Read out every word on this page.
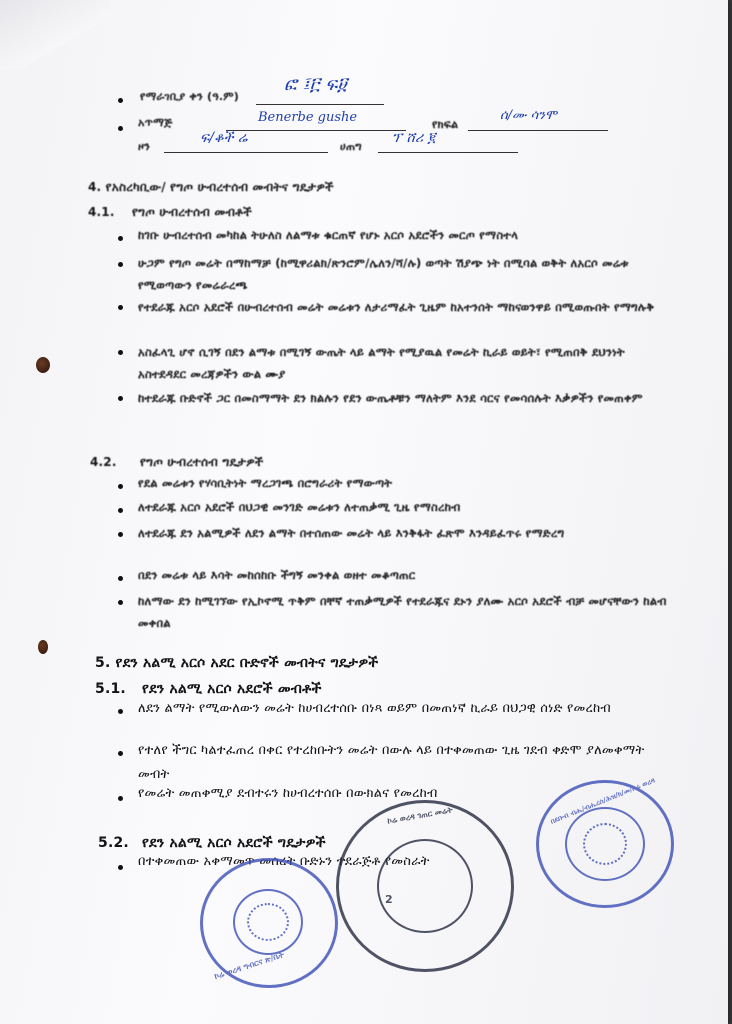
የማራገቢያ ቀን (ዓ.ም)
ፎ ፤፫ ፍ፱
አጥማጅ	Benerbe gushe	የክፍል
ሰ/ሙ ሳንሞ
ዞን
ፍ/ቆች ሬ
ሀጠግ
ፕ ሸሪ ፪
4. የአስረካቢው/ የግጦ ሁብረተሰብ መብትና ግዴታዎች
4.1. የግጦ ሁብረተሰብ መብቶች
ከገቡ ሁብረተሰብ መካከል ትሁለስ ለልማቱ ቁርጠኛ የሆኑ አርሶ አደሮችን መርጦ የማስተላ
ሁጋም የግጦ መሬት በማከማቻ (ከሚዋሪልክ/ጽንሮም/ሌለን/ሻ/ሉ) ወጣት ሽያጭ ነት በሚባል ወቅት ለአርሶ መሬቱ የሚወጣውን የመሬራረጫ
የተደራጁ አርሶ አደሮች በሁብረተሰብ መሬት መሬቱን ለታሪማፈት ጊዜም ከአተንሰት ማከናወንዋይ በሚወጡበት የማግሉቅ
አስፈላጊ ሆኖ ሲገኝ በደን ልማቱ በሚገኝ ውጤት ላይ ልማት የሚያዉል የመሬት ኪራይ ወይት፣ የሚጠበቅ ደህንነት አስተደዳደር መረጃዎችን ውል ሙያ
ከተደራጁ ቡድኖች ጋር በመስማማት ደን ክልሉን የደን ውጤቶቹን ማለትም እንደ ሳርና የመሳሰሉት እቃዎችን የመጠቀም
4.2. የግጦ ሁብረተሰብ ግዴታዎች
የደል መሬቱን የሃሳቢትነት ማረጋገጫ በሮግራሪት የማውጣት
ለተደራጁ አርሶ አደሮች በህጋዊ መንገድ መሬቱን ለተጠቃሚ ጊዜ የማስረከብ
ለተደራጁ ደን አልሚዎች ለደን ልማት በተሰጠው መሬት ላይ እንቅፋት ፈጽሞ እንዳይፈጥሩ የማድረግ
በደን መሬቱ ላይ እሳት መከሰከቡ ችግኝ መንቀል ወዘተ መቆጣጠር
ከለማው ደን ከሚገኘው የኢኮኖሚ ጥቅም በቸኛ ተጠቃሚዎች የተደራጁና ደኑን ያለሙ አርሶ አደሮች ብቻ መሆናቸውን ከልብ መቀበል
5. የደን አልሚ አርሶ አደር ቡድኖች መብትና ግዴታዎች
5.1. የደን አልሚ አርሶ አደሮች መብቶች
ለደን ልማት የሚውለውን መሬት ከሀብረተሰቡ በነጻ ወይም በመጠነኛ ኪራይ በህጋዊ ሰነድ የመረከብ
የተለየ ችግር ካልተፈጠረ በቀር የተረከቡትን መሬት በውሉ ላይ በተቀመጠው ጊዜ ገደብ ቀድሞ ያለመቀማት መብት
የመሬት መጠቀሚያ ደብተሩን ከሀብረተሰቡ በውክልና የመረከብ
5.2. የደን አልሚ አርሶ አደሮች ግዴታዎች
በተቀመጠው አቀማመጥ መሰረት ቡድኑን ተደራጅቶ የመስራት
ኮሬ ወረዳ ግብርና ጽ/ቤት
ኮሬ ወረዳ ገጠር መሬት
2
በደቡብ ብሔ/ብሔረሰ/ሕዝ/ክ/መ/ኮሬ ወረዳ
